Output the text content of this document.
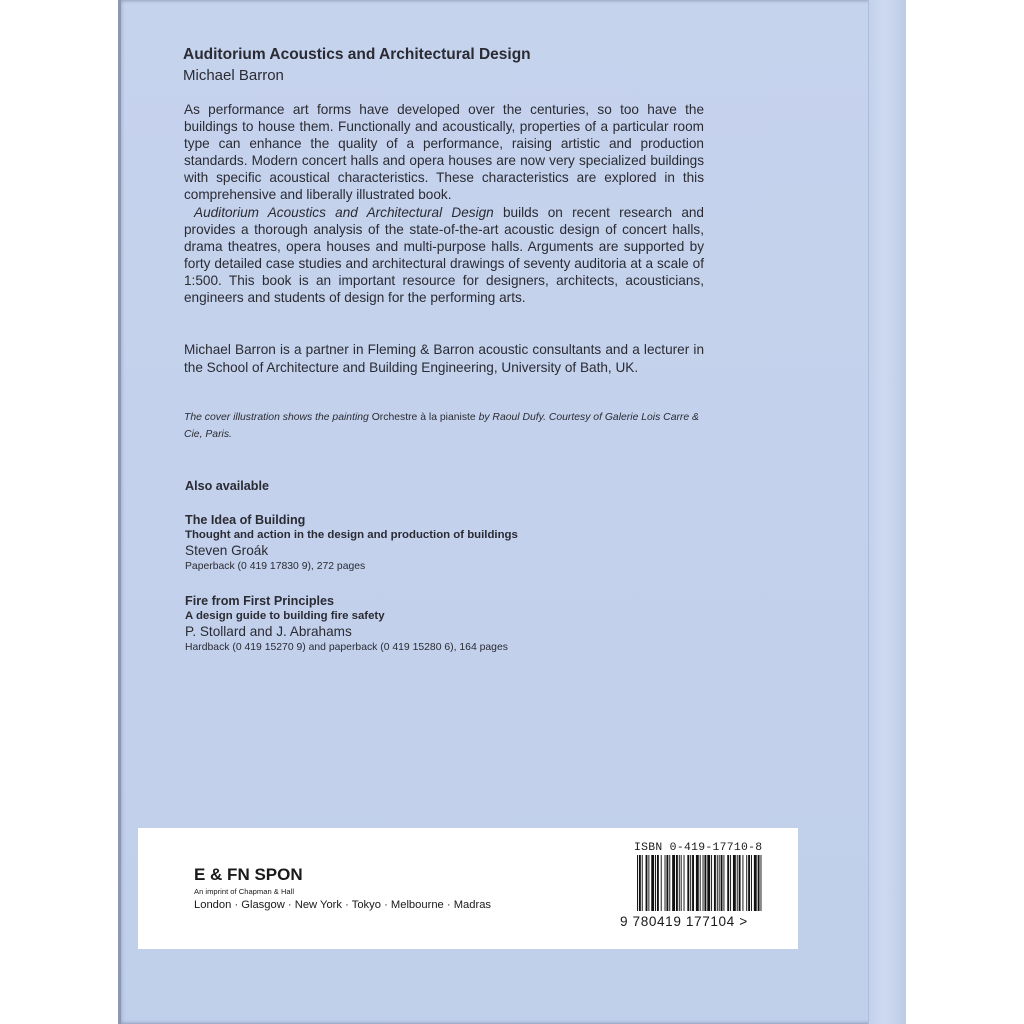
Auditorium Acoustics and Architectural Design
Michael Barron

As performance art forms have developed over the centuries, so too have the buildings to house them. Functionally and acoustically, properties of a particular room type can enhance the quality of a performance, raising artistic and production standards. Modern concert halls and opera houses are now very specialized buildings with specific acoustical characteristics. These characteristics are explored in this comprehensive and liberally illustrated book.

Auditorium Acoustics and Architectural Design builds on recent research and provides a thorough analysis of the state-of-the-art acoustic design of concert halls, drama theatres, opera houses and multi-purpose halls. Arguments are supported by forty detailed case studies and architectural drawings of seventy auditoria at a scale of 1:500. This book is an important resource for designers, architects, acousticians, engineers and students of design for the performing arts.

Michael Barron is a partner in Fleming & Barron acoustic consultants and a lecturer in the School of Architecture and Building Engineering, University of Bath, UK.
The cover illustration shows the painting Orchestre à la pianiste by Raoul Dufy. Courtesy of Galerie Lois Carre & Cie, Paris.
Also available
The Idea of Building
Thought and action in the design and production of buildings
Steven Groák
Paperback (0 419 17830 9), 272 pages
Fire from First Principles
A design guide to building fire safety
P. Stollard and J. Abrahams
Hardback (0 419 15270 9) and paperback (0 419 15280 6), 164 pages
E & FN SPON
An imprint of Chapman & Hall
London · Glasgow · New York · Tokyo · Melbourne · Madras
ISBN 0-419-17710-8
9 780419 177104 >
